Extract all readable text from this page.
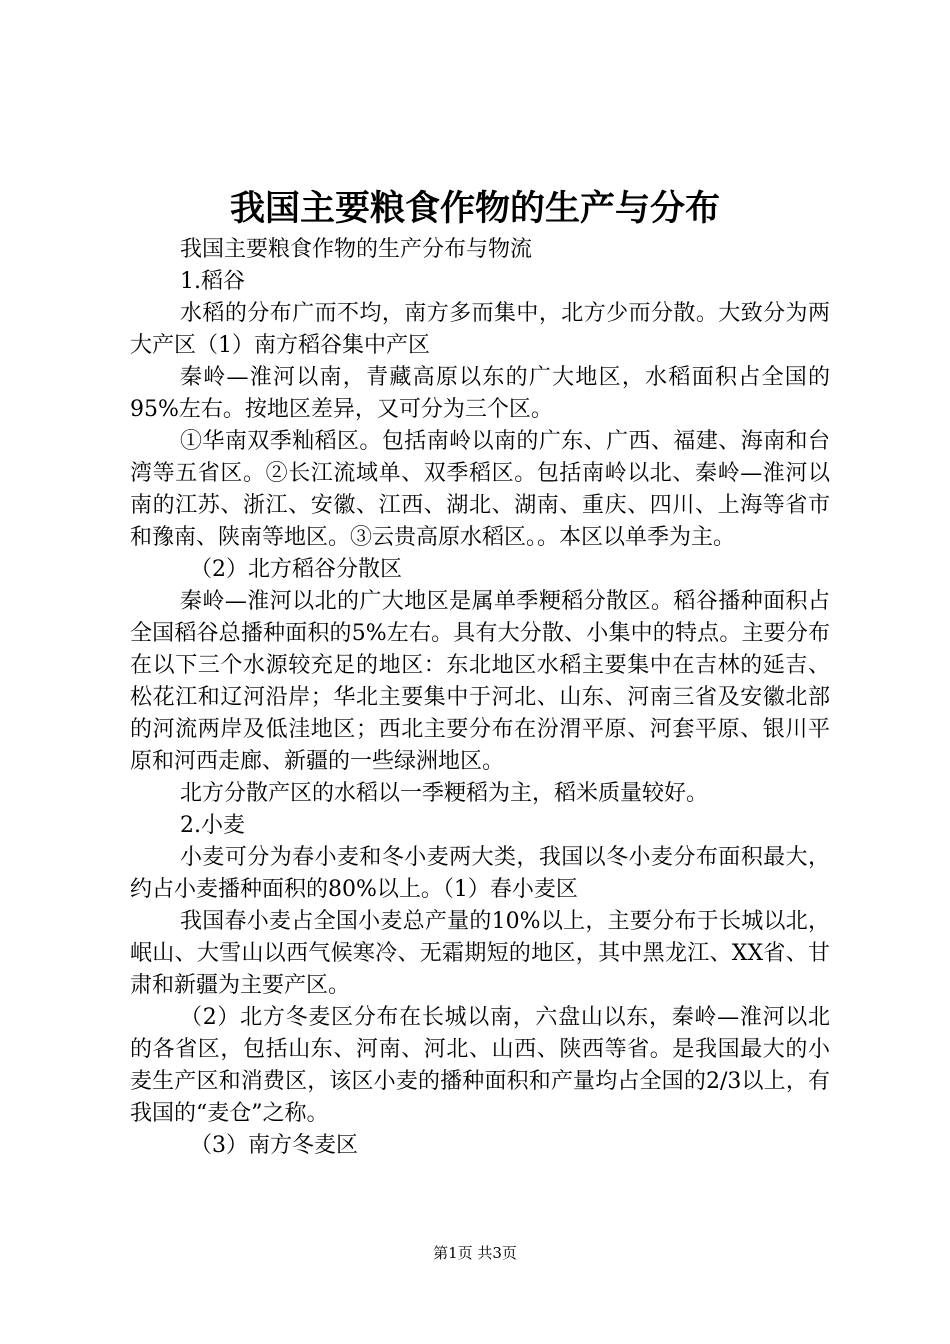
我国主要粮食作物的生产与分布

我国主要粮食作物的生产分布与物流

1.稻谷

水稻的分布广而不均，南方多而集中，北方少而分散。大致分为两大产区（1）南方稻谷集中产区

秦岭—淮河以南，青藏高原以东的广大地区，水稻面积占全国的95%左右。按地区差异，又可分为三个区。

①华南双季籼稻区。包括南岭以南的广东、广西、福建、海南和台湾等五省区。②长江流域单、双季稻区。包括南岭以北、秦岭—淮河以南的江苏、浙江、安徽、江西、湖北、湖南、重庆、四川、上海等省市和豫南、陕南等地区。③云贵高原水稻区。。本区以单季为主。

（2）北方稻谷分散区

秦岭—淮河以北的广大地区是属单季粳稻分散区。稻谷播种面积占全国稻谷总播种面积的5%左右。具有大分散、小集中的特点。主要分布在以下三个水源较充足的地区：东北地区水稻主要集中在吉林的延吉、松花江和辽河沿岸；华北主要集中于河北、山东、河南三省及安徽北部的河流两岸及低洼地区；西北主要分布在汾渭平原、河套平原、银川平原和河西走廊、新疆的一些绿洲地区。

北方分散产区的水稻以一季粳稻为主，稻米质量较好。

2.小麦

小麦可分为春小麦和冬小麦两大类，我国以冬小麦分布面积最大，约占小麦播种面积的80%以上。（1）春小麦区

我国春小麦占全国小麦总产量的10%以上，主要分布于长城以北，岷山、大雪山以西气候寒冷、无霜期短的地区，其中黑龙江、XX省、甘肃和新疆为主要产区。

（2）北方冬麦区分布在长城以南，六盘山以东，秦岭—淮河以北的各省区，包括山东、河南、河北、山西、陕西等省。是我国最大的小麦生产区和消费区，该区小麦的播种面积和产量均占全国的2/3以上，有我国的“麦仓”之称。

（3）南方冬麦区

第1页 共3页
